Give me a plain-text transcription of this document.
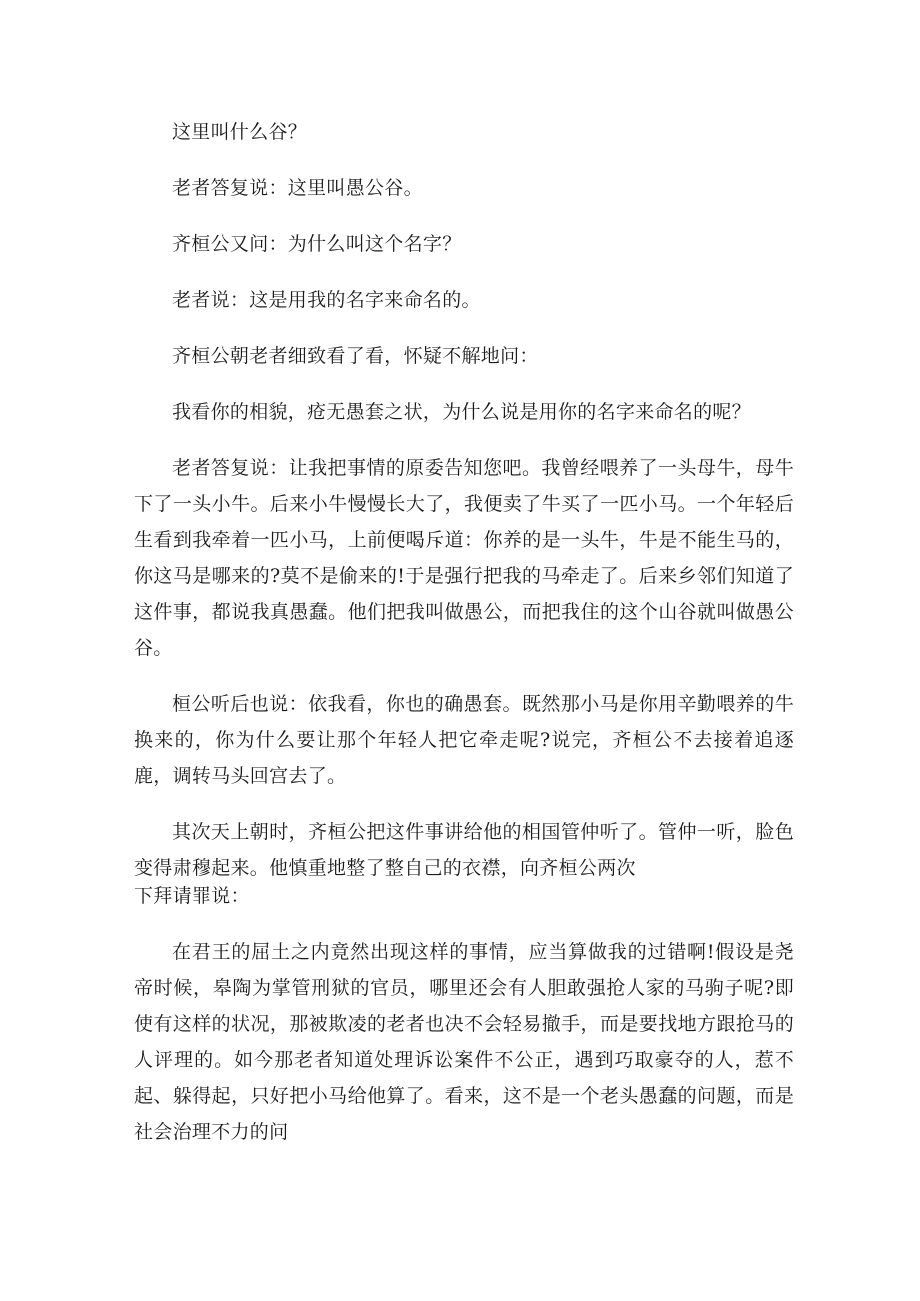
这里叫什么谷？

老者答复说：这里叫愚公谷。

齐桓公又问：为什么叫这个名字？

老者说：这是用我的名字来命名的。

齐桓公朝老者细致看了看，怀疑不解地问：

我看你的相貌，疮无愚套之状，为什么说是用你的名字来命名的呢？

老者答复说：让我把事情的原委告知您吧。我曾经喂养了一头母牛，母牛下了一头小牛。后来小牛慢慢长大了，我便卖了牛买了一匹小马。一个年轻后生看到我牵着一匹小马，上前便喝斥道：你养的是一头牛，牛是不能生马的，你这马是哪来的?莫不是偷来的!于是强行把我的马牵走了。后来乡邻们知道了这件事，都说我真愚蠢。他们把我叫做愚公，而把我住的这个山谷就叫做愚公谷。

桓公听后也说：依我看，你也的确愚套。既然那小马是你用辛勤喂养的牛换来的，你为什么要让那个年轻人把它牵走呢?说完，齐桓公不去接着追逐鹿，调转马头回宫去了。

其次天上朝时，齐桓公把这件事讲给他的相国管仲听了。管仲一听，脸色变得肃穆起来。他慎重地整了整自己的衣襟，向齐桓公两次

下拜请罪说：

在君王的屈土之内竟然出现这样的事情，应当算做我的过错啊!假设是尧帝时候，皋陶为掌管刑狱的官员，哪里还会有人胆敢强抢人家的马驹子呢?即使有这样的状况，那被欺凌的老者也决不会轻易撤手，而是要找地方跟抢马的人评理的。如今那老者知道处理诉讼案件不公正，遇到巧取豪夺的人，惹不起、躲得起，只好把小马给他算了。看来，这不是一个老头愚蠢的问题，而是社会治理不力的问
